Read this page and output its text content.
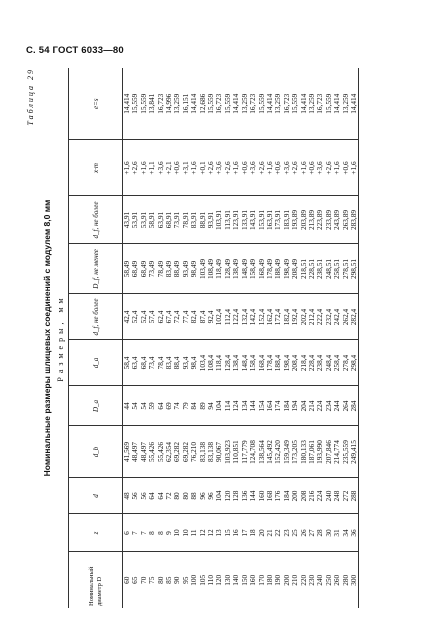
С. 54 ГОСТ 6033—80
Таблица 29
Номинальные размеры шлицевых соединений с модулем 8,0 мм Размеры, мм
Номинальный диаметр D	z	d	d_b	D_a	d_a	d_f, не более	D_f, не менее	d_f, не более	x·m	e=s
60	6	48	41,569	44	58,4	42,4	58,49	43,91	+1,6	14,414
65	7	56	48,497	54	63,4	52,4	68,49	53,91	+2,6	15,559
70	7	56	48,497	54	68,4	52,4	68,49	53,91	+1,6	15,559
75	8	64	55,426	59	73,4	57,4	73,49	58,91	+1,1	13,841
80	8	64	55,426	64	78,4	62,4	78,49	63,91	+3,6	16,723
85	9	72	62,354	69	83,4	67,4	83,49	68,91	+2,1	14,996
90	10	80	69,282	74	88,4	72,4	88,49	73,91	+0,6	13,259
95	10	80	69,282	79	93,4	77,4	93,49	78,91	+3,1	16,151
100	11	88	76,210	84	98,4	82,4	98,49	83,91	+1,6	14,414
105	12	96	83,138	89	103,4	87,4	103,49	88,91	+0,1	12,686
110	12	96	83,138	94	108,4	92,4	108,49	93,91	+2,6	15,559
120	13	104	90,067	104	118,4	102,4	118,49	103,91	+3,6	16,723
130	15	120	103,923	114	128,4	112,4	128,49	113,91	+2,6	15,559
140	16	128	110,851	124	138,4	122,4	138,49	123,91	+1,6	14,414
150	17	136	117,779	134	148,4	132,4	148,49	133,91	+0,6	13,259
160	18	144	124,708	144	158,4	142,4	158,49	143,91	+3,6	16,723
170	20	160	138,564	154	168,4	152,4	168,49	153,91	+2,6	15,559
180	21	168	145,492	164	178,4	162,4	178,49	163,91	+1,6	14,414
190	22	176	152,420	174	188,4	172,4	188,49	173,91	+0,6	13,259
200	23	184	159,349	184	198,4	182,4	198,49	183,91	+3,6	16,723
210	25	200	173,205	194	208,4	192,4	208,49	193,89	+2,6	15,559
220	26	208	180,133	204	218,4	202,4	218,51	203,89	+1,6	14,414
230	27	216	187,061	214	228,4	212,4	228,51	213,89	+0,6	13,259
240	28	224	193,990	224	238,4	222,4	238,51	223,89	+3,6	16,723
250	30	240	207,846	234	248,4	232,4	248,51	233,89	+2,6	15,559
260	31	248	214,774	244	258,4	242,4	258,51	243,89	+1,6	14,414
280	34	272	235,559	264	278,4	262,4	278,51	263,89	+0,6	13,259
300	36	288	249,415	284	298,4	282,4	298,51	283,89	+1,6	14,414
